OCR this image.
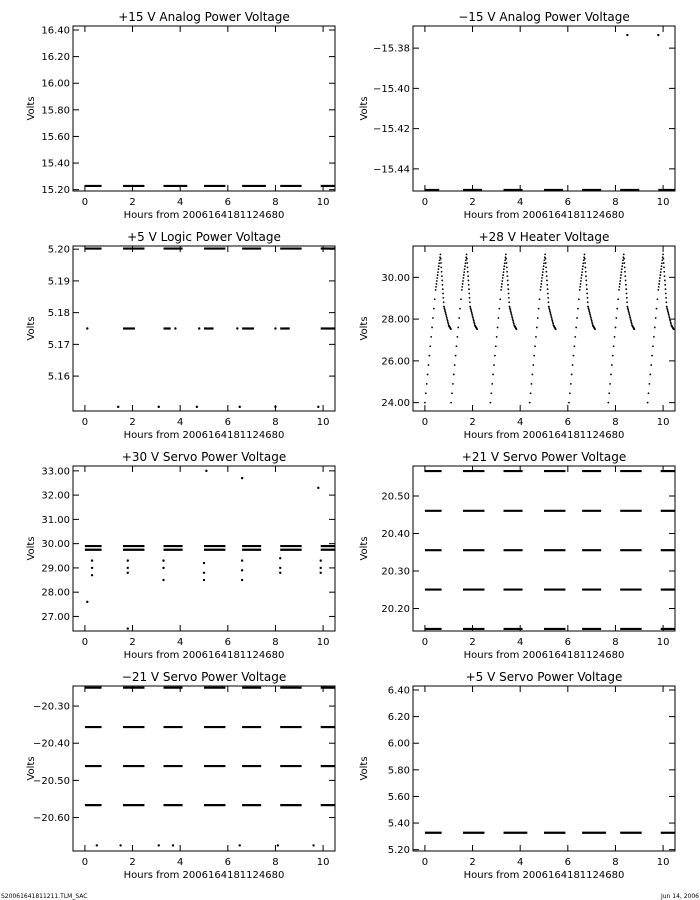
+15 V Analog Power Voltage
0	2	4	6	8	10
15.20
15.40
15.60
15.80
16.00
16.20
16.40
Hours from 2006164181124680
Volts
−15 V Analog Power Voltage
0	2	4	6	8	10
−15.38
−15.40
−15.42
−15.44
Hours from 2006164181124680
Volts
+5 V Logic Power Voltage
0	2	4	6	8	10
5.16
5.17
5.18
5.19
5.20
Hours from 2006164181124680
Volts
+28 V Heater Voltage
0	2	4	6	8	10
24.00
26.00
28.00
30.00
Hours from 2006164181124680
Volts
+30 V Servo Power Voltage
0	2	4	6	8	10
27.00
28.00
29.00
30.00
31.00
32.00
33.00
Hours from 2006164181124680
Volts
+21 V Servo Power Voltage
0	2	4	6	8	10
20.20
20.30
20.40
20.50
Hours from 2006164181124680
Volts
−21 V Servo Power Voltage
0	2	4	6	8	10
−20.30
−20.40
−20.50
−20.60
Hours from 2006164181124680
Volts
+5 V Servo Power Voltage
0	2	4	6	8	10
5.20
5.40
5.60
5.80
6.00
6.20
6.40
Hours from 2006164181124680
Volts
S20061641811211.TLM_SAC	Jun 14, 2006
